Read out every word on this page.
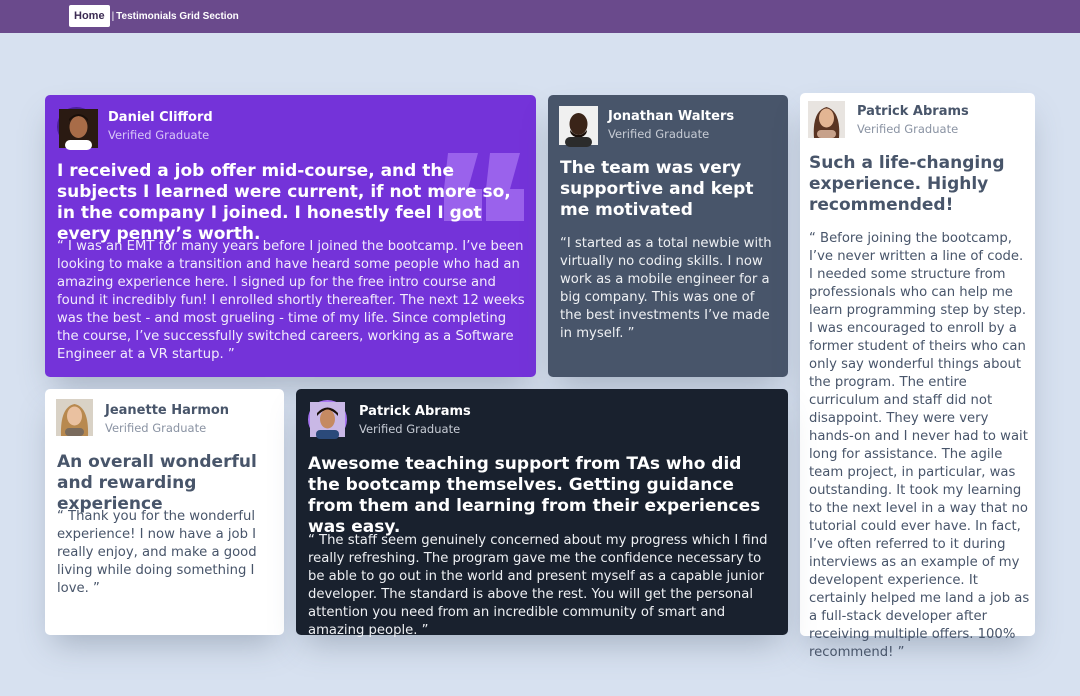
Home | Testimonials Grid Section
Daniel Clifford
Verified Graduate
I received a job offer mid-course, and the subjects I learned were current, if not more so, in the company I joined. I honestly feel I got every penny’s worth.
“ I was an EMT for many years before I joined the bootcamp. I’ve been looking to make a transition and have heard some people who had an amazing experience here. I signed up for the free intro course and found it incredibly fun! I enrolled shortly thereafter. The next 12 weeks was the best - and most grueling - time of my life. Since completing the course, I’ve successfully switched careers, working as a Software Engineer at a VR startup. ”
Jonathan Walters
Verified Graduate
The team was very supportive and kept me motivated
“I started as a total newbie with virtually no coding skills. I now work as a mobile engineer for a big company. This was one of the best investments I’ve made in myself. ”
Patrick Abrams
Verified Graduate
Such a life-changing experience. Highly recommended!
“ Before joining the bootcamp, I’ve never written a line of code. I needed some structure from professionals who can help me learn programming step by step. I was encouraged to enroll by a former student of theirs who can only say wonderful things about the program. The entire curriculum and staff did not disappoint. They were very hands-on and I never had to wait long for assistance. The agile team project, in particular, was outstanding. It took my learning to the next level in a way that no tutorial could ever have. In fact, I’ve often referred to it during interviews as an example of my developent experience. It certainly helped me land a job as a full-stack developer after receiving multiple offers. 100% recommend! ”
Jeanette Harmon
Verified Graduate
An overall wonderful and rewarding experience
“ Thank you for the wonderful experience! I now have a job I really enjoy, and make a good living while doing something I love. ”
Patrick Abrams
Verified Graduate
Awesome teaching support from TAs who did the bootcamp themselves. Getting guidance from them and learning from their experiences was easy.
“ The staff seem genuinely concerned about my progress which I find really refreshing. The program gave me the confidence necessary to be able to go out in the world and present myself as a capable junior developer. The standard is above the rest. You will get the personal attention you need from an incredible community of smart and amazing people. ”
